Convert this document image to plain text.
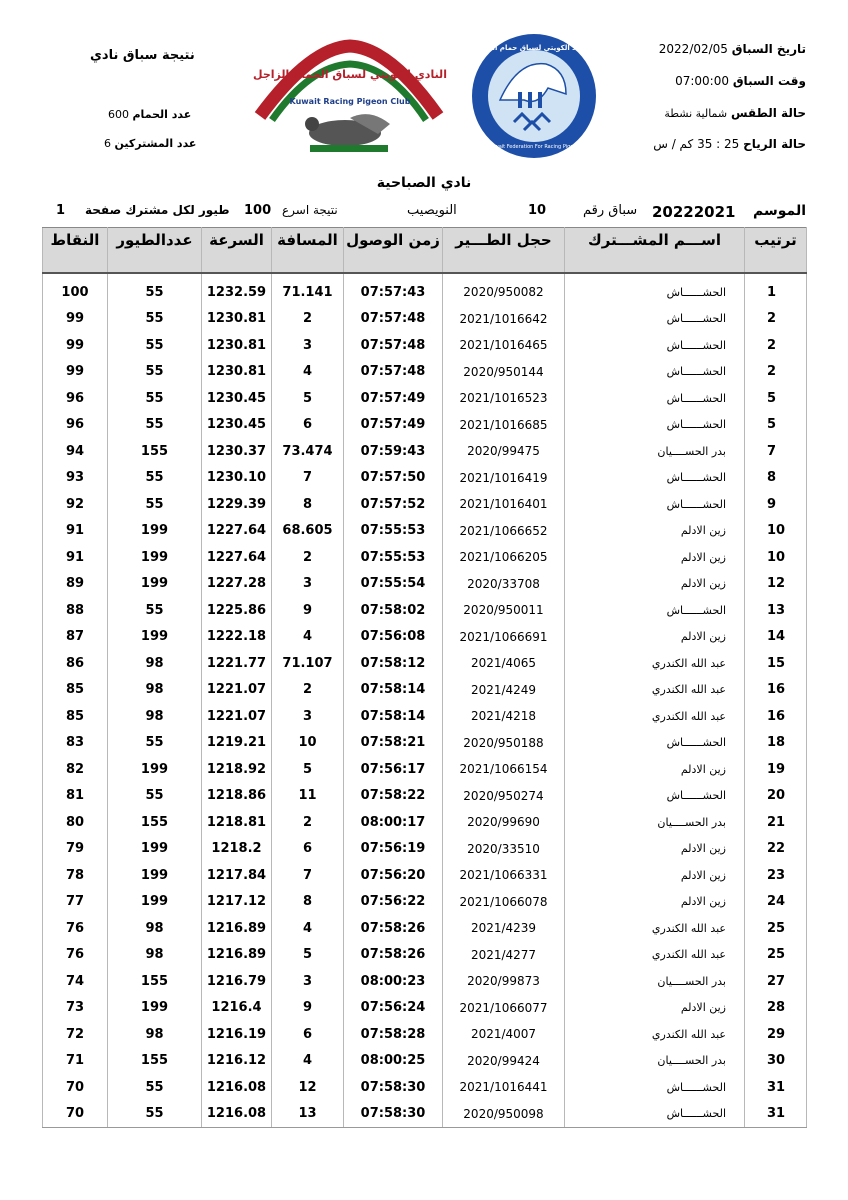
تاريخ السباق 2022/02/05
وقت السباق 07:00:00
حالة الطقس شمالية نشطة
حالة الرياح 25 : 35 كم / س
نتيجة سباق نادي
عدد الحمام 600
عدد المشتركين 6
النادي الكويتي لسباق الحمام الزاجل
Kuwait Racing Pigeon Club
الاتحاد الكويتي لسباق حمام الزاجل
Kuwait Federation For Racing Pigeon
نادي الصباحية
الموسم
20222021
سباق رقم
10
النويصيب
نتيجة اسرع
100
طيور لكل مشترك صفحة
1
النقاط	عددالطيور	السرعة	المسافة	زمن الوصول	حجل الطـــير	اســـم المشـــترك	ترتيب
100	55	1232.59	71.141	07:57:43	2020/950082	الحشــــــاش	1
99	55	1230.81	2	07:57:48	2021/1016642	الحشــــــاش	2
99	55	1230.81	3	07:57:48	2021/1016465	الحشــــــاش	2
99	55	1230.81	4	07:57:48	2020/950144	الحشــــــاش	2
96	55	1230.45	5	07:57:49	2021/1016523	الحشــــــاش	5
96	55	1230.45	6	07:57:49	2021/1016685	الحشــــــاش	5
94	155	1230.37	73.474	07:59:43	2020/99475	بدر الحســــيان	7
93	55	1230.10	7	07:57:50	2021/1016419	الحشــــــاش	8
92	55	1229.39	8	07:57:52	2021/1016401	الحشــــــاش	9
91	199	1227.64	68.605	07:55:53	2021/1066652	زين الادلم	10
91	199	1227.64	2	07:55:53	2021/1066205	زين الادلم	10
89	199	1227.28	3	07:55:54	2020/33708	زين الادلم	12
88	55	1225.86	9	07:58:02	2020/950011	الحشــــــاش	13
87	199	1222.18	4	07:56:08	2021/1066691	زين الادلم	14
86	98	1221.77	71.107	07:58:12	2021/4065	عبد الله الكندري	15
85	98	1221.07	2	07:58:14	2021/4249	عبد الله الكندري	16
85	98	1221.07	3	07:58:14	2021/4218	عبد الله الكندري	16
83	55	1219.21	10	07:58:21	2020/950188	الحشــــــاش	18
82	199	1218.92	5	07:56:17	2021/1066154	زين الادلم	19
81	55	1218.86	11	07:58:22	2020/950274	الحشــــــاش	20
80	155	1218.81	2	08:00:17	2020/99690	بدر الحســــيان	21
79	199	1218.2	6	07:56:19	2020/33510	زين الادلم	22
78	199	1217.84	7	07:56:20	2021/1066331	زين الادلم	23
77	199	1217.12	8	07:56:22	2021/1066078	زين الادلم	24
76	98	1216.89	4	07:58:26	2021/4239	عبد الله الكندري	25
76	98	1216.89	5	07:58:26	2021/4277	عبد الله الكندري	25
74	155	1216.79	3	08:00:23	2020/99873	بدر الحســــيان	27
73	199	1216.4	9	07:56:24	2021/1066077	زين الادلم	28
72	98	1216.19	6	07:58:28	2021/4007	عبد الله الكندري	29
71	155	1216.12	4	08:00:25	2020/99424	بدر الحســــيان	30
70	55	1216.08	12	07:58:30	2021/1016441	الحشــــــاش	31
70	55	1216.08	13	07:58:30	2020/950098	الحشــــــاش	31
